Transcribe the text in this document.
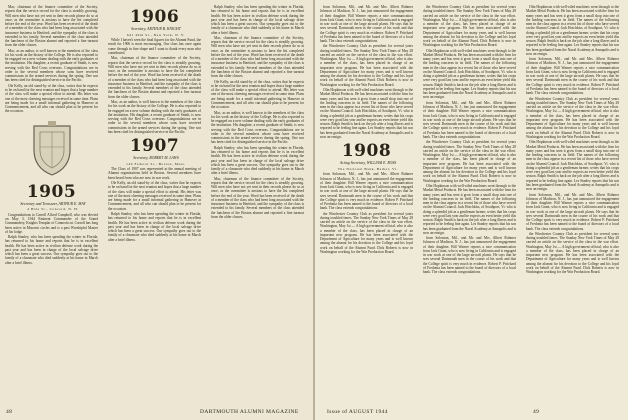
Mac, chairman of the finance committee of the Society, reports that the service record for the class is steadily growing. Will men who have not yet sent in their records please do so at once, as the committee is anxious to have the list completed before the end of the year. Word has been received of the death of a member of the class who had been long associated with the insurance business in Hartford, and the sympathy of the class is extended to his family. Several members of the class attended the luncheon of the Boston alumni and reported a fine turnout from the older classes.

Mac, as an author, is well known to the members of the class for his work on the history of the College. He is also reported to be engaged on a new volume dealing with the early graduates of the institution. His daughter, a recent graduate of Smith, is now serving with the Red Cross overseas. Congratulations are in order to the several members whose sons have received commissions in the armed services during the spring. One son has been cited for distinguished service in the Pacific.

Ole Kelly, an old stand-by of the class, writes that he expects to be on hand for the next reunion and hopes that a large number of the class will make a special effort to attend. His letter was one of the most cheering messages received in some time. Plans are being made for a small informal gathering in Hanover at Commencement, and all who can should plan to be present for the occasion.

1905

Secretary and Treasurer, ARTHUR E. MAY

4 Hale St., Concord, N. H.

Congratulations to Carroll Alford Campbell, who was elected on May 3, 1944 Eminent Commander of the Grand Commandery, Knights Templar of Connecticut. Carroll has long been active in Masonic circles and is a past Worshipful Master of his lodge.

Ralph Stanley, who has been spending the winter in Florida, has returned to his home and reports that he is in excellent health. He has been active in civilian defense work during the past year and has been in charge of the local salvage drive which has been a great success. Our sympathy goes out to the family of a classmate who died suddenly at his home in March after a brief illness.

1906

Secretary, ARTHUR B. KNIGHT

641 49th St., New York, N. Y.

While I haven't seen the final figures for the Alumni Fund, the result for 1906 is most encouraging. Our class has once again come through in fine shape and I want to thank every man who contributed.

Mac, chairman of the finance committee of the Society, reports that the service record for the class is steadily growing. Will men who have not yet sent in their records please do so at once, as the committee is anxious to have the list completed before the end of the year. Word has been received of the death of a member of the class who had been long associated with the insurance business in Hartford, and the sympathy of the class is extended to his family. Several members of the class attended the luncheon of the Boston alumni and reported a fine turnout from the older classes.

Mac, as an author, is well known to the members of the class for his work on the history of the College. He is also reported to be engaged on a new volume dealing with the early graduates of the institution. His daughter, a recent graduate of Smith, is now serving with the Red Cross overseas. Congratulations are in order to the several members whose sons have received commissions in the armed services during the spring. One son has been cited for distinguished service in the Pacific.

1907

Secretary, ROBERT M. LAWS

140 Federal St., Boston, Mass.

The Class of 1907 was represented at the annual meeting of Alumni organizations held in Boston. Several members have been heard from who are now in war work.

Ole Kelly, an old stand-by of the class, writes that he expects to be on hand for the next reunion and hopes that a large number of the class will make a special effort to attend. His letter was one of the most cheering messages received in some time. Plans are being made for a small informal gathering in Hanover at Commencement, and all who can should plan to be present for the occasion.

Ralph Stanley, who has been spending the winter in Florida, has returned to his home and reports that he is in excellent health. He has been active in civilian defense work during the past year and has been in charge of the local salvage drive which has been a great success. Our sympathy goes out to the family of a classmate who died suddenly at his home in March after a brief illness.

Ralph Stanley, who has been spending the winter in Florida, has returned to his home and reports that he is in excellent health. He has been active in civilian defense work during the past year and has been in charge of the local salvage drive which has been a great success. Our sympathy goes out to the family of a classmate who died suddenly at his home in March after a brief illness.

Mac, chairman of the finance committee of the Society, reports that the service record for the class is steadily growing. Will men who have not yet sent in their records please do so at once, as the committee is anxious to have the list completed before the end of the year. Word has been received of the death of a member of the class who had been long associated with the insurance business in Hartford, and the sympathy of the class is extended to his family. Several members of the class attended the luncheon of the Boston alumni and reported a fine turnout from the older classes.

Ole Kelly, an old stand-by of the class, writes that he expects to be on hand for the next reunion and hopes that a large number of the class will make a special effort to attend. His letter was one of the most cheering messages received in some time. Plans are being made for a small informal gathering in Hanover at Commencement, and all who can should plan to be present for the occasion.

Mac, as an author, is well known to the members of the class for his work on the history of the College. He is also reported to be engaged on a new volume dealing with the early graduates of the institution. His daughter, a recent graduate of Smith, is now serving with the Red Cross overseas. Congratulations are in order to the several members whose sons have received commissions in the armed services during the spring. One son has been cited for distinguished service in the Pacific.

Ralph Stanley, who has been spending the winter in Florida, has returned to his home and reports that he is in excellent health. He has been active in civilian defense work during the past year and has been in charge of the local salvage drive which has been a great success. Our sympathy goes out to the family of a classmate who died suddenly at his home in March after a brief illness.

Mac, chairman of the finance committee of the Society, reports that the service record for the class is steadily growing. Will men who have not yet sent in their records please do so at once, as the committee is anxious to have the list completed before the end of the year. Word has been received of the death of a member of the class who had been long associated with the insurance business in Hartford, and the sympathy of the class is extended to his family. Several members of the class attended the luncheon of the Boston alumni and reported a fine turnout from the older classes.

48	DARTMOUTH ALUMNI MAGAZINE

from Solomon, Mil., and Mr. and Mrs. Albert Rohmer Johnson of Madison, N. J., has just announced the engagement of their daughter. Bill Warner reports a nice communication from Jack Grant, who is now living in California and is engaged in war work at one of the large aircraft plants. He says that he sees several Dartmouth men in the course of his work and that the College spirit is very much in evidence. Robert P. Pritchard of Fredonia has been named to the board of directors of a local bank. The class extends congratulations.

the Winchester Country Club as president for several years during troubled times. The Sunday New York Times of May 28 carried an article on the service of the class in the war effort. Washington, May 1st — A high government official, who is also a member of the class, has been placed in charge of an important new program. He has been associated with the Department of Agriculture for many years and is well known among the alumni for his devotion to the College and his loyal work on behalf of the Alumni Fund. Dick Roberts is now in Washington working for the War Production Board.

Olin Hopkinson with well-oiled machines went through to the Market Metal Products. He has been associated with the firm for many years and has seen it grow from a small shop into one of the leading concerns in its field. The names of the following men in the class appear in a recent list of those who have served on the Alumni Council. Jack Hotchkiss, of Southport, Vt. who is doing a splendid job as a gentleman farmer, writes that his crops were very good last year and he expects an even better yield this season. Ralph Smith is back on the job after a long illness and is reported to be feeling fine again. Les Stanley reports that his son has been graduated from the Naval Academy at Annapolis and is now an ensign.

1908

Acting Secretary, WILLIAM E. ROSS

The National Bank, Bethel, Vt.

from Solomon, Mil., and Mr. and Mrs. Albert Rohmer Johnson of Madison, N. J., has just announced the engagement of their daughter. Bill Warner reports a nice communication from Jack Grant, who is now living in California and is engaged in war work at one of the large aircraft plants. He says that he sees several Dartmouth men in the course of his work and that the College spirit is very much in evidence. Robert P. Pritchard of Fredonia has been named to the board of directors of a local bank. The class extends congratulations.

the Winchester Country Club as president for several years during troubled times. The Sunday New York Times of May 28 carried an article on the service of the class in the war effort. Washington, May 1st — A high government official, who is also a member of the class, has been placed in charge of an important new program. He has been associated with the Department of Agriculture for many years and is well known among the alumni for his devotion to the College and his loyal work on behalf of the Alumni Fund. Dick Roberts is now in Washington working for the War Production Board.

the Winchester Country Club as president for several years during troubled times. The Sunday New York Times of May 28 carried an article on the service of the class in the war effort. Washington, May 1st — A high government official, who is also a member of the class, has been placed in charge of an important new program. He has been associated with the Department of Agriculture for many years and is well known among the alumni for his devotion to the College and his loyal work on behalf of the Alumni Fund. Dick Roberts is now in Washington working for the War Production Board.

Olin Hopkinson with well-oiled machines went through to the Market Metal Products. He has been associated with the firm for many years and has seen it grow from a small shop into one of the leading concerns in its field. The names of the following men in the class appear in a recent list of those who have served on the Alumni Council. Jack Hotchkiss, of Southport, Vt. who is doing a splendid job as a gentleman farmer, writes that his crops were very good last year and he expects an even better yield this season. Ralph Smith is back on the job after a long illness and is reported to be feeling fine again. Les Stanley reports that his son has been graduated from the Naval Academy at Annapolis and is now an ensign.

from Solomon, Mil., and Mr. and Mrs. Albert Rohmer Johnson of Madison, N. J., has just announced the engagement of their daughter. Bill Warner reports a nice communication from Jack Grant, who is now living in California and is engaged in war work at one of the large aircraft plants. He says that he sees several Dartmouth men in the course of his work and that the College spirit is very much in evidence. Robert P. Pritchard of Fredonia has been named to the board of directors of a local bank. The class extends congratulations.

the Winchester Country Club as president for several years during troubled times. The Sunday New York Times of May 28 carried an article on the service of the class in the war effort. Washington, May 1st — A high government official, who is also a member of the class, has been placed in charge of an important new program. He has been associated with the Department of Agriculture for many years and is well known among the alumni for his devotion to the College and his loyal work on behalf of the Alumni Fund. Dick Roberts is now in Washington working for the War Production Board.

Olin Hopkinson with well-oiled machines went through to the Market Metal Products. He has been associated with the firm for many years and has seen it grow from a small shop into one of the leading concerns in its field. The names of the following men in the class appear in a recent list of those who have served on the Alumni Council. Jack Hotchkiss, of Southport, Vt. who is doing a splendid job as a gentleman farmer, writes that his crops were very good last year and he expects an even better yield this season. Ralph Smith is back on the job after a long illness and is reported to be feeling fine again. Les Stanley reports that his son has been graduated from the Naval Academy at Annapolis and is now an ensign.

from Solomon, Mil., and Mr. and Mrs. Albert Rohmer Johnson of Madison, N. J., has just announced the engagement of their daughter. Bill Warner reports a nice communication from Jack Grant, who is now living in California and is engaged in war work at one of the large aircraft plants. He says that he sees several Dartmouth men in the course of his work and that the College spirit is very much in evidence. Robert P. Pritchard of Fredonia has been named to the board of directors of a local bank. The class extends congratulations.

Olin Hopkinson with well-oiled machines went through to the Market Metal Products. He has been associated with the firm for many years and has seen it grow from a small shop into one of the leading concerns in its field. The names of the following men in the class appear in a recent list of those who have served on the Alumni Council. Jack Hotchkiss, of Southport, Vt. who is doing a splendid job as a gentleman farmer, writes that his crops were very good last year and he expects an even better yield this season. Ralph Smith is back on the job after a long illness and is reported to be feeling fine again. Les Stanley reports that his son has been graduated from the Naval Academy at Annapolis and is now an ensign.

from Solomon, Mil., and Mr. and Mrs. Albert Rohmer Johnson of Madison, N. J., has just announced the engagement of their daughter. Bill Warner reports a nice communication from Jack Grant, who is now living in California and is engaged in war work at one of the large aircraft plants. He says that he sees several Dartmouth men in the course of his work and that the College spirit is very much in evidence. Robert P. Pritchard of Fredonia has been named to the board of directors of a local bank. The class extends congratulations.

the Winchester Country Club as president for several years during troubled times. The Sunday New York Times of May 28 carried an article on the service of the class in the war effort. Washington, May 1st — A high government official, who is also a member of the class, has been placed in charge of an important new program. He has been associated with the Department of Agriculture for many years and is well known among the alumni for his devotion to the College and his loyal work on behalf of the Alumni Fund. Dick Roberts is now in Washington working for the War Production Board.

Olin Hopkinson with well-oiled machines went through to the Market Metal Products. He has been associated with the firm for many years and has seen it grow from a small shop into one of the leading concerns in its field. The names of the following men in the class appear in a recent list of those who have served on the Alumni Council. Jack Hotchkiss, of Southport, Vt. who is doing a splendid job as a gentleman farmer, writes that his crops were very good last year and he expects an even better yield this season. Ralph Smith is back on the job after a long illness and is reported to be feeling fine again. Les Stanley reports that his son has been graduated from the Naval Academy at Annapolis and is now an ensign.

from Solomon, Mil., and Mr. and Mrs. Albert Rohmer Johnson of Madison, N. J., has just announced the engagement of their daughter. Bill Warner reports a nice communication from Jack Grant, who is now living in California and is engaged in war work at one of the large aircraft plants. He says that he sees several Dartmouth men in the course of his work and that the College spirit is very much in evidence. Robert P. Pritchard of Fredonia has been named to the board of directors of a local bank. The class extends congratulations.

the Winchester Country Club as president for several years during troubled times. The Sunday New York Times of May 28 carried an article on the service of the class in the war effort. Washington, May 1st — A high government official, who is also a member of the class, has been placed in charge of an important new program. He has been associated with the Department of Agriculture for many years and is well known among the alumni for his devotion to the College and his loyal work on behalf of the Alumni Fund. Dick Roberts is now in Washington working for the War Production Board.

Issue of AUGUST 1944	49
